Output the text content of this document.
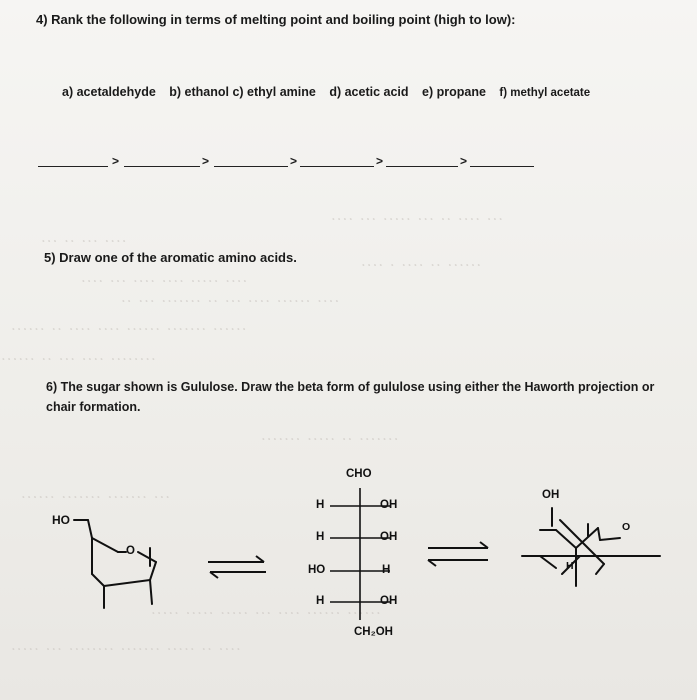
··· ···· ·· ··· ····· ··· ····
···· ··· ·· ···
······ ·· ···· · ····
···· ····· ···· ···· ··· ····
···· ······ ···· ··· ·· ······· ··· ··
······ ······· ······ ···· ···· ·· ······
········ ···· ··· ·· ······
······· ·· ····· ·······
··· ······· ······· ······
······ ······ ···· ··· ····· ····· ·····
···· ·· ····· ······· ········ ··· ·····
4) Rank the following in terms of melting point and boiling point (high to low):
a) acetaldehyde b) ethanol c) ethyl amine d) acetic acid e) propane f) methyl acetate
>	>	>	>	>
5) Draw one of the aromatic amino acids.
6) The sugar shown is Gululose. Draw the beta form of gululose using either the Haworth projection or
chair formation.
HO
O
CHO
H	OH
H	OH
HO	H
H	OH
CH₂OH
OH
O
H
